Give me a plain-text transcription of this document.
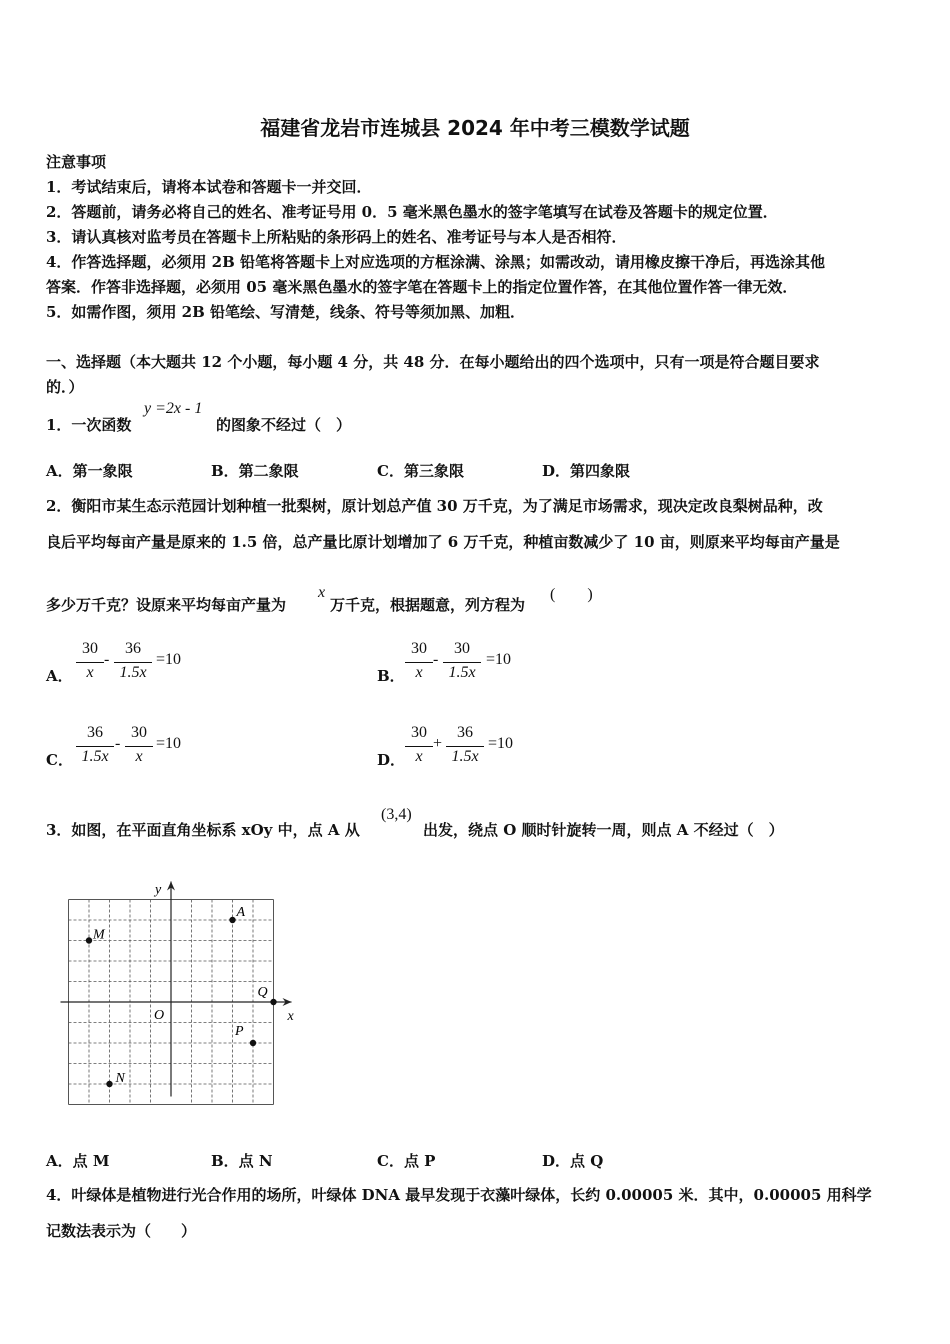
福建省龙岩市连城县 2024 年中考三模数学试题
注意事项
1．考试结束后，请将本试卷和答题卡一并交回．
2．答题前，请务必将自己的姓名、准考证号用 0．5 毫米黑色墨水的签字笔填写在试卷及答题卡的规定位置．
3．请认真核对监考员在答题卡上所粘贴的条形码上的姓名、准考证号与本人是否相符．
4．作答选择题，必须用 2B 铅笔将答题卡上对应选项的方框涂满、涂黑；如需改动，请用橡皮擦干净后，再选涂其他
答案．作答非选择题，必须用 05 毫米黑色墨水的签字笔在答题卡上的指定位置作答，在其他位置作答一律无效．
5．如需作图，须用 2B 铅笔绘、写清楚，线条、符号等须加黑、加粗．
一、选择题（本大题共 12 个小题，每小题 4 分，共 48 分．在每小题给出的四个选项中，只有一项是符合题目要求
的．）
1．一次函数
y =2x - 1
的图象不经过（　）
A．第一象限	B．第二象限	C．第三象限	D．第四象限
2．衡阳市某生态示范园计划种植一批梨树，原计划总产值 30 万千克，为了满足市场需求，现决定改良梨树品种，改
良后平均每亩产量是原来的 1.5 倍，总产量比原计划增加了 6 万千克，种植亩数减少了 10 亩，则原来平均每亩产量是
多少万千克？设原来平均每亩产量为
x
万千克，根据题意，列方程为
(　　)
A．
30
x
-
36
1.5x
=10
B．
30
x
-
30
1.5x
=10
C．
36
1.5x
-
30
x
=10
D．
30
x
+
36
1.5x
=10
3．如图，在平面直角坐标系 xOy 中，点 A 从
(3,4)
出发，绕点 O 顺时针旋转一周，则点 A 不经过（　）
x
y
O
A
M
Q
P
N
A．点 M	B．点 N	C．点 P	D．点 Q
4．叶绿体是植物进行光合作用的场所，叶绿体 DNA 最早发现于衣藻叶绿体，长约 0.00005 米．其中，0.00005 用科学
记数法表示为（　　）
